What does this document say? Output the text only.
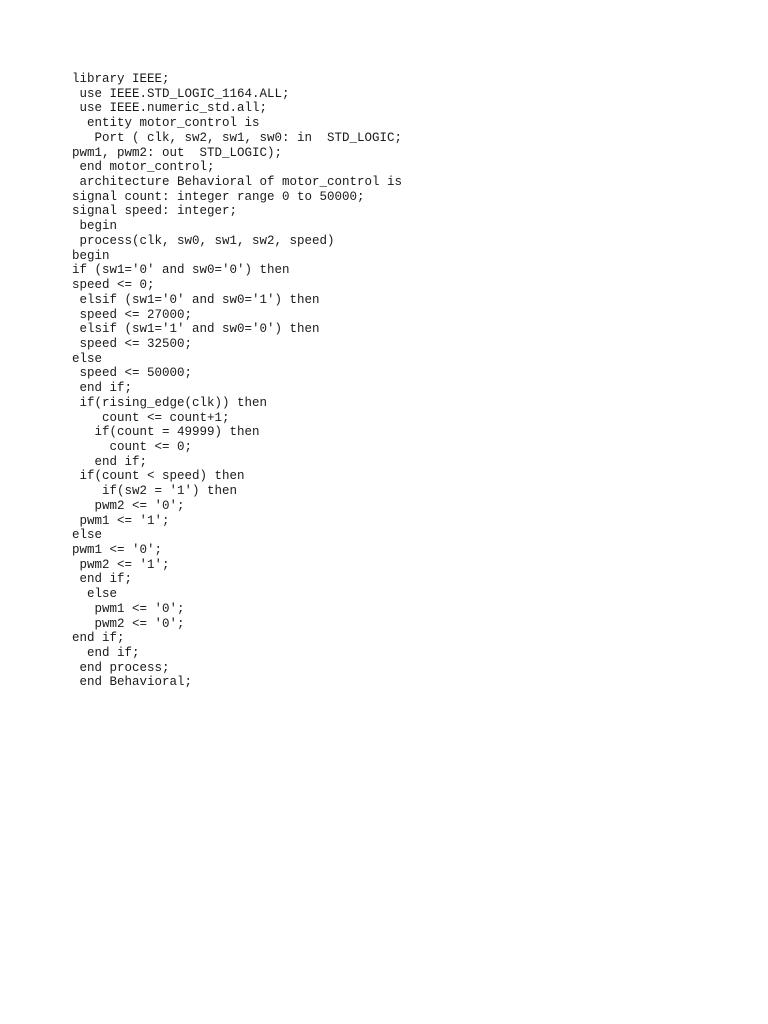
library IEEE;
use IEEE.STD_LOGIC_1164.ALL;
use IEEE.numeric_std.all;
entity motor_control is
Port ( clk, sw2, sw1, sw0: in  STD_LOGIC;
pwm1, pwm2: out  STD_LOGIC);
end motor_control;
architecture Behavioral of motor_control is
signal count: integer range 0 to 50000;
signal speed: integer;
begin
process(clk, sw0, sw1, sw2, speed)
begin
if (sw1='0' and sw0='0') then
speed <= 0;
elsif (sw1='0' and sw0='1') then
speed <= 27000;
elsif (sw1='1' and sw0='0') then
speed <= 32500;
else
speed <= 50000;
end if;
if(rising_edge(clk)) then
count <= count+1;
if(count = 49999) then
count <= 0;
end if;
if(count < speed) then
if(sw2 = '1') then
pwm2 <= '0';
pwm1 <= '1';
else
pwm1 <= '0';
pwm2 <= '1';
end if;
else
pwm1 <= '0';
pwm2 <= '0';
end if;
end if;
end process;
end Behavioral;
